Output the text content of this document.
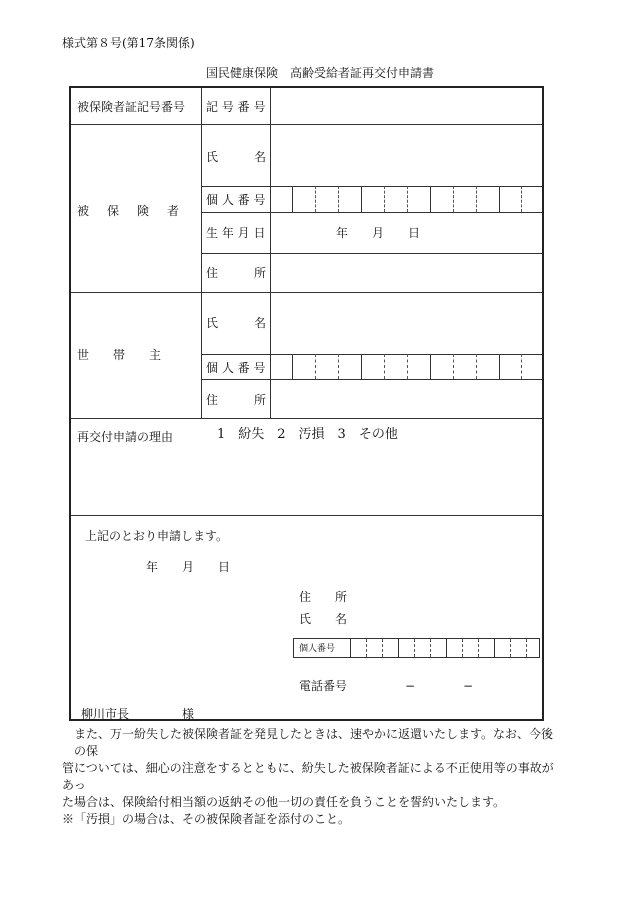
様式第８号(第17条関係)
国民健康保険　高齢受給者証再交付申請書
被保険者証記号番号 記 号 番 号
被　保　険　者
氏　　　名
個 人 番 号
生 年 月 日	年　　月　　日
住　　　所
世　　帯　　主
氏　　　名
個 人 番 号
住　　　所
再交付申請の理由	1　紛失　2　汚損　3　その他
上記のとおり申請します。
年　　月　　日
住　　所
氏　　名
個人番号
電話番号	−	−
柳川市長	様
また、万一紛失した被保険者証を発見したときは、速やかに返還いたします。なお、今後の保
管については、細心の注意をするとともに、紛失した被保険者証による不正使用等の事故があっ
た場合は、保険給付相当額の返納その他一切の責任を負うことを誓約いたします。
※「汚損」の場合は、その被保険者証を添付のこと。
